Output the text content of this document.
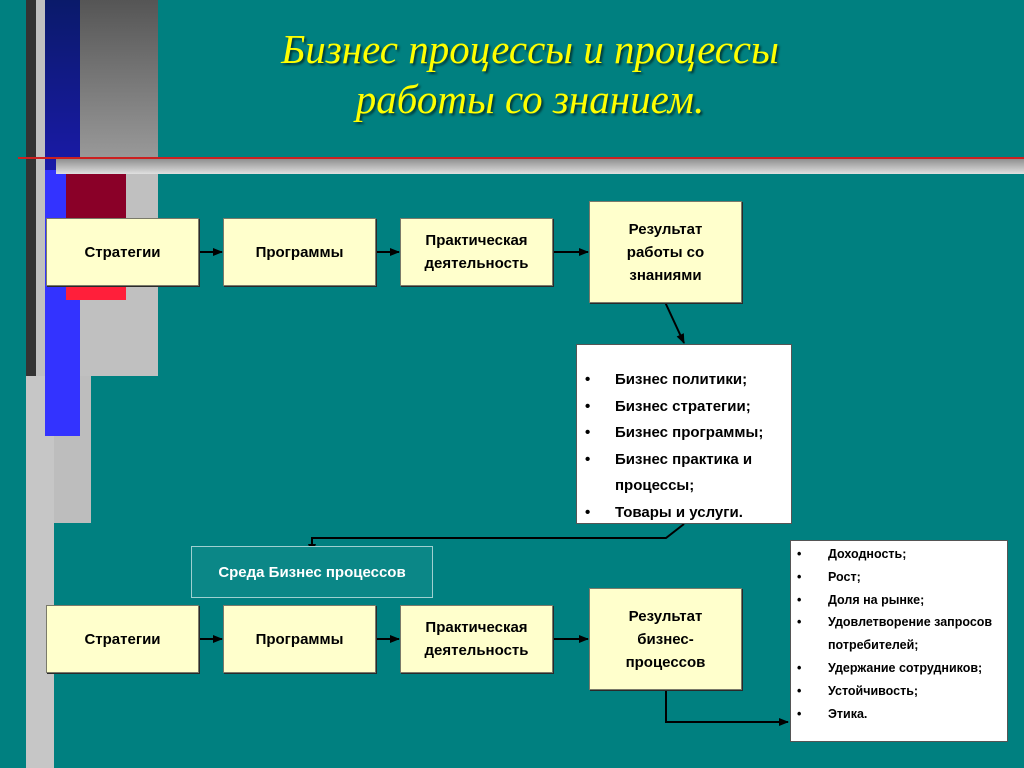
Бизнес процессы и процессы
работы со знанием.
Стратегии	Программы
Практическая деятельность
Результат работы со знаниями
• Бизнес политики;
• Бизнес стратегии;
• Бизнес программы;
• Бизнес практика и процессы;
• Товары и услуги.
Среда Бизнес процессов
Стратегии	Программы
Практическая деятельность
Результат бизнес-процессов
• Доходность;
• Рост;
• Доля на рынке;
• Удовлетворение запросов потребителей;
• Удержание сотрудников;
• Устойчивость;
• Этика.
